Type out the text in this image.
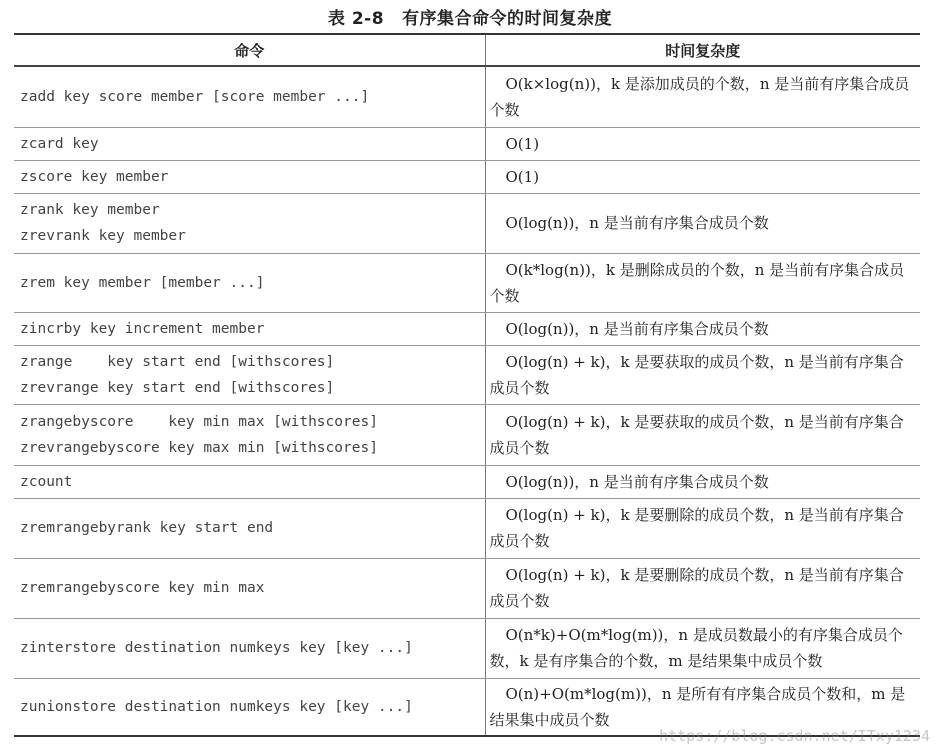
表 2-8 有序集合命令的时间复杂度
命令	时间复杂度
zadd key score member [score member ...]	O(k×log(n))，k 是添加成员的个数，n 是当前有序集合成员个数
zcard key	O(1)
zscore key member	O(1)
zrank key member
zrevrank key member	O(log(n))，n 是当前有序集合成员个数
zrem key member [member ...]	O(k*log(n))，k 是删除成员的个数，n 是当前有序集合成员个数
zincrby key increment member	O(log(n))，n 是当前有序集合成员个数
zrange    key start end [withscores]
zrevrange key start end [withscores]	O(log(n) + k)，k 是要获取的成员个数，n 是当前有序集合成员个数
zrangebyscore    key min max [withscores]
zrevrangebyscore key max min [withscores]	O(log(n) + k)，k 是要获取的成员个数，n 是当前有序集合成员个数
zcount	O(log(n))，n 是当前有序集合成员个数
zremrangebyrank key start end	O(log(n) + k)，k 是要删除的成员个数，n 是当前有序集合成员个数
zremrangebyscore key min max	O(log(n) + k)，k 是要删除的成员个数，n 是当前有序集合成员个数
zinterstore destination numkeys key [key ...]	O(n*k)+O(m*log(m))，n 是成员数最小的有序集合成员个数，k 是有序集合的个数，m 是结果集中成员个数
zunionstore destination numkeys key [key ...]	O(n)+O(m*log(m))，n 是所有有序集合成员个数和，m 是结果集中成员个数
https://blog.csdn.net/ITxy1234
